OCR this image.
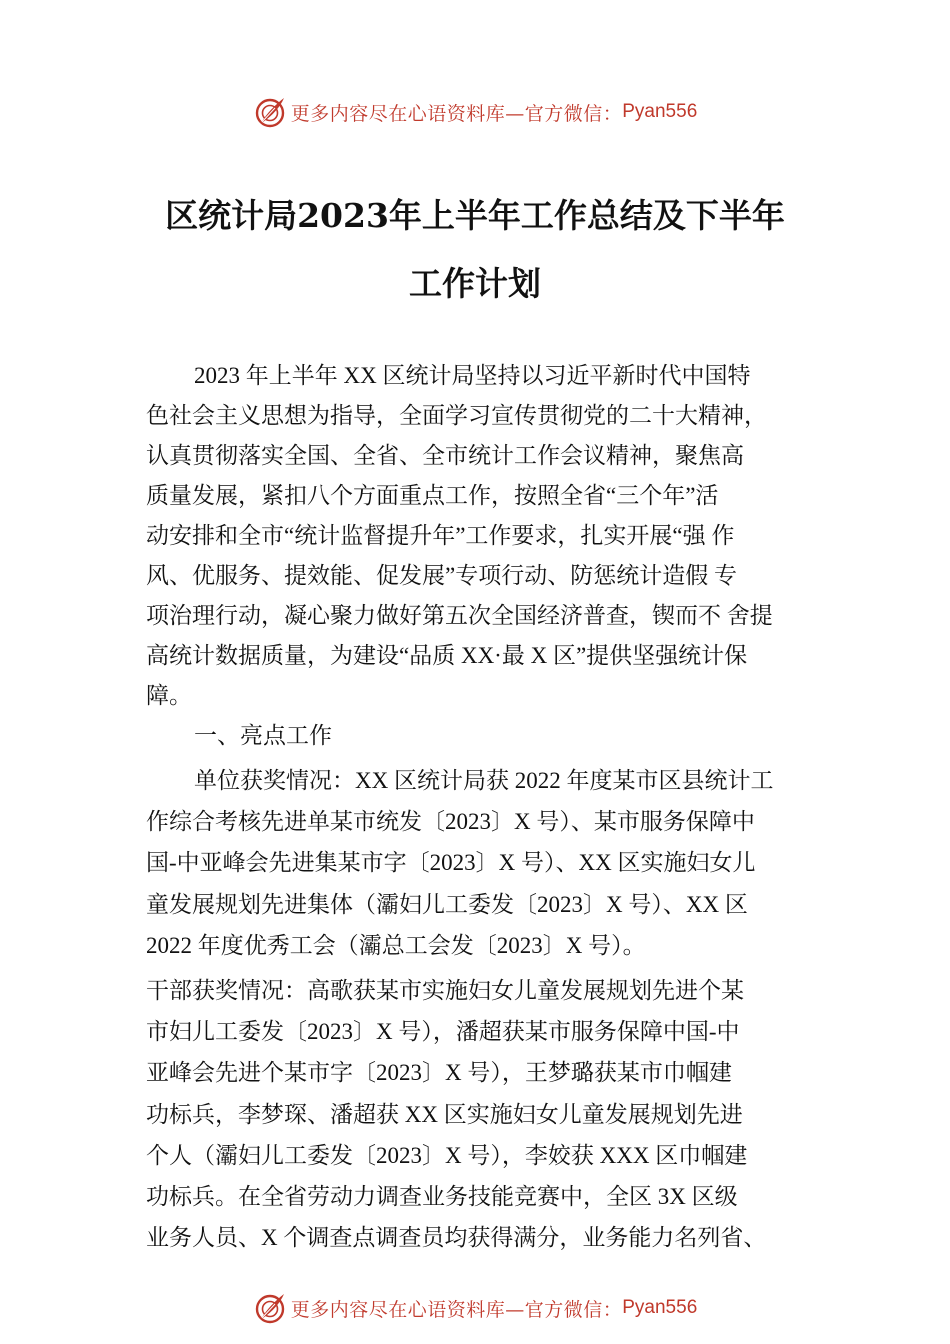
更多内容尽在心语资料库—官方微信： Pyan556
区统计局2023年上半年工作总结及下半年
工作计划
2023 年上半年 XX 区统计局坚持以习近平新时代中国特
色社会主义思想为指导，全面学习宣传贯彻党的二十大精神，
认真贯彻落实全国、全省、全市统计工作会议精神，聚焦高
质量发展，紧扣八个方面重点工作，按照全省“三个年”活
动安排和全市“统计监督提升年”工作要求，扎实开展“强 作
风、优服务、提效能、促发展”专项行动、防惩统计造假 专
项治理行动，凝心聚力做好第五次全国经济普查，锲而不 舍提
高统计数据质量，为建设“品质 XX·最 X 区”提供坚强统计保
障。
一、亮点工作
单位获奖情况：XX 区统计局获 2022 年度某市区县统计工
作综合考核先进单某市统发〔2023〕X 号）、某市服务保障中
国-中亚峰会先进集某市字〔2023〕X 号）、XX 区实施妇女儿
童发展规划先进集体（灞妇儿工委发〔2023〕X 号）、XX 区
2022 年度优秀工会（灞总工会发〔2023〕X 号）。
干部获奖情况：高歌获某市实施妇女儿童发展规划先进个某
市妇儿工委发〔2023〕X 号），潘超获某市服务保障中国-中
亚峰会先进个某市字〔2023〕X 号），王梦璐获某市巾帼建
功标兵，李梦琛、潘超获 XX 区实施妇女儿童发展规划先进
个人（灞妇儿工委发〔2023〕X 号），李姣获 XXX 区巾帼建
功标兵。在全省劳动力调查业务技能竞赛中，全区 3X 区级
业务人员、X 个调查点调查员均获得满分，业务能力名列省、
更多内容尽在心语资料库—官方微信： Pyan556
